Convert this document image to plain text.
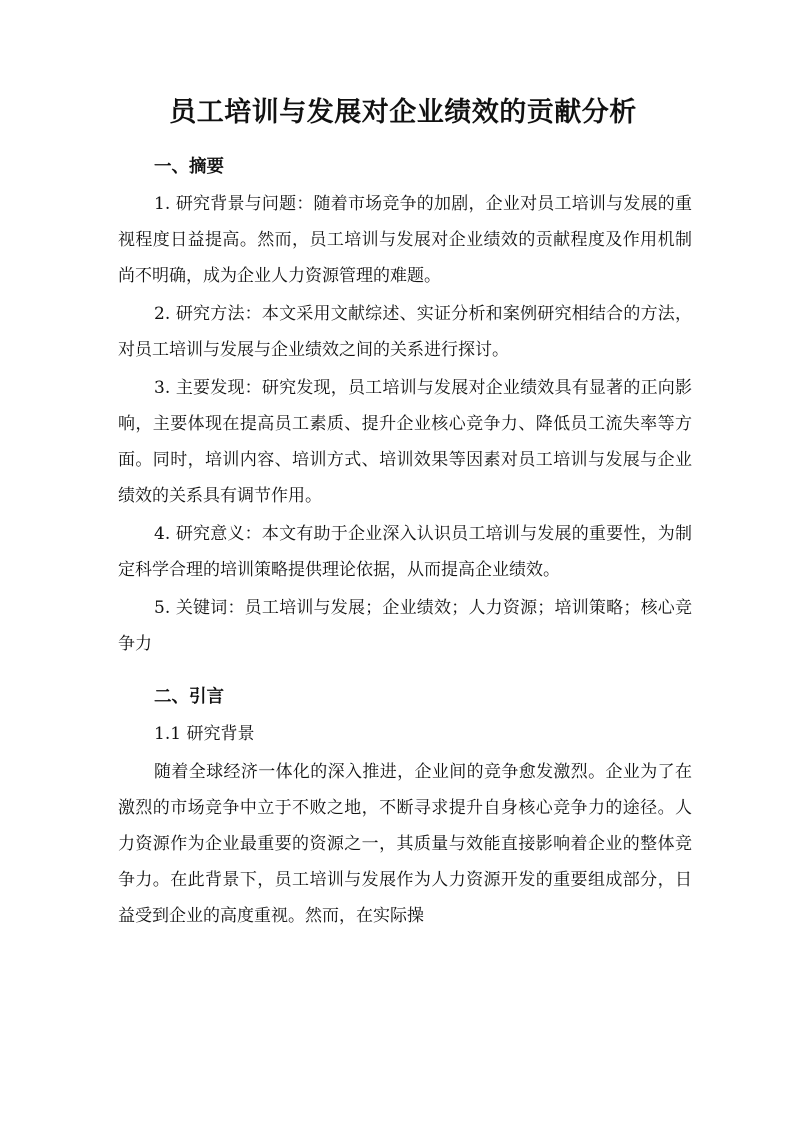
员工培训与发展对企业绩效的贡献分析
一、摘要

1. 研究背景与问题：随着市场竞争的加剧，企业对员工培训与发展的重视程度日益提高。然而，员工培训与发展对企业绩效的贡献程度及作用机制尚不明确，成为企业人力资源管理的难题。

2. 研究方法：本文采用文献综述、实证分析和案例研究相结合的方法，对员工培训与发展与企业绩效之间的关系进行探讨。

3. 主要发现：研究发现，员工培训与发展对企业绩效具有显著的正向影响，主要体现在提高员工素质、提升企业核心竞争力、降低员工流失率等方面。同时，培训内容、培训方式、培训效果等因素对员工培训与发展与企业绩效的关系具有调节作用。

4. 研究意义：本文有助于企业深入认识员工培训与发展的重要性，为制定科学合理的培训策略提供理论依据，从而提高企业绩效。

5. 关键词：员工培训与发展；企业绩效；人力资源；培训策略；核心竞争力

二、引言

1.1 研究背景

随着全球经济一体化的深入推进，企业间的竞争愈发激烈。企业为了在激烈的市场竞争中立于不败之地，不断寻求提升自身核心竞争力的途径。人力资源作为企业最重要的资源之一，其质量与效能直接影响着企业的整体竞争力。在此背景下，员工培训与发展作为人力资源开发的重要组成部分，日益受到企业的高度重视。然而，在实际操
